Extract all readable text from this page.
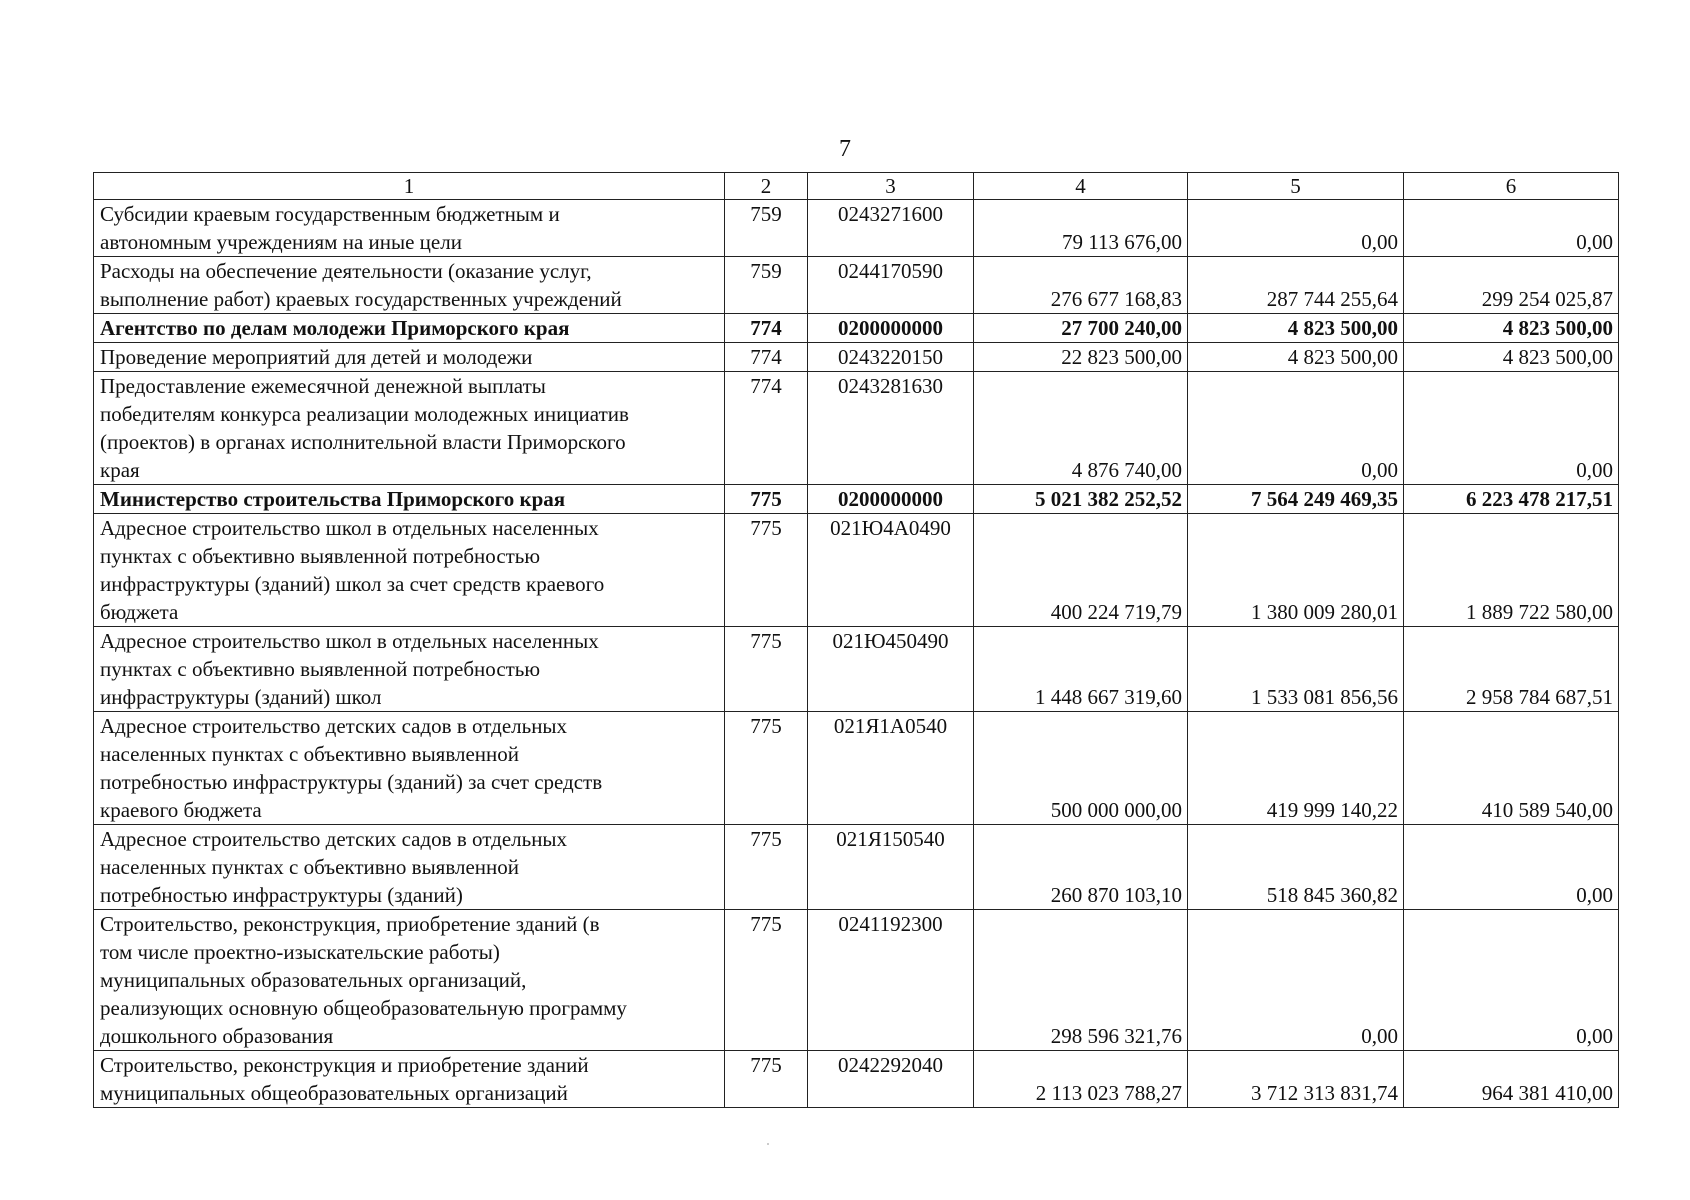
7
1	2	3	4	5	6

Субсидии краевым государственным бюджетным и
автономным учреждениям на иные цели	759	0243271600	79 113 676,00	0,00	0,00

Расходы на обеспечение деятельности (оказание услуг,
выполнение работ) краевых государственных учреждений	759	0244170590	276 677 168,83	287 744 255,64	299 254 025,87

Агентство по делам молодежи Приморского края	774	0200000000	27 700 240,00	4 823 500,00	4 823 500,00

Проведение мероприятий для детей и молодежи	774	0243220150	22 823 500,00	4 823 500,00	4 823 500,00

Предоставление ежемесячной денежной выплаты
победителям конкурса реализации молодежных инициатив
(проектов) в органах исполнительной власти Приморского
края	774	0243281630	4 876 740,00	0,00	0,00

Министерство строительства Приморского края	775	0200000000	5 021 382 252,52	7 564 249 469,35	6 223 478 217,51

Адресное строительство школ в отдельных населенных
пунктах с объективно выявленной потребностью
инфраструктуры (зданий) школ за счет средств краевого
бюджета	775	021Ю4А0490	400 224 719,79	1 380 009 280,01	1 889 722 580,00

Адресное строительство школ в отдельных населенных
пунктах с объективно выявленной потребностью
инфраструктуры (зданий) школ	775	021Ю450490	1 448 667 319,60	1 533 081 856,56	2 958 784 687,51

Адресное строительство детских садов в отдельных
населенных пунктах с объективно выявленной
потребностью инфраструктуры (зданий) за счет средств
краевого бюджета	775	021Я1А0540	500 000 000,00	419 999 140,22	410 589 540,00

Адресное строительство детских садов в отдельных
населенных пунктах с объективно выявленной
потребностью инфраструктуры (зданий)	775	021Я150540	260 870 103,10	518 845 360,82	0,00

Строительство, реконструкция, приобретение зданий (в
том числе проектно-изыскательские работы)
муниципальных образовательных организаций,
реализующих основную общеобразовательную программу
дошкольного образования	775	0241192300	298 596 321,76	0,00	0,00

Строительство, реконструкция и приобретение зданий
муниципальных общеобразовательных организаций	775	0242292040	2 113 023 788,27	3 712 313 831,74	964 381 410,00
